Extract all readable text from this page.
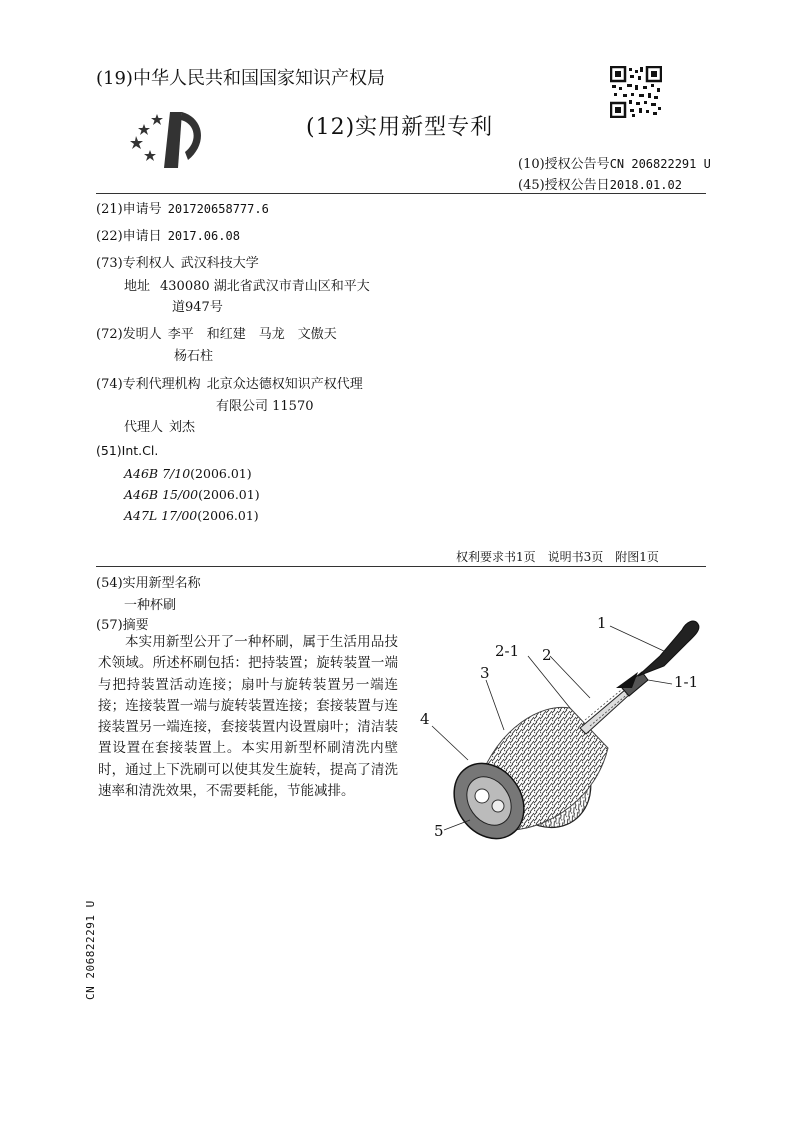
(19)中华人民共和国国家知识产权局
(12)实用新型专利
(10)授权公告号CN 206822291 U
(45)授权公告日2018.01.02
(21)申请号 201720658777.6
(22)申请日 2017.06.08
(73)专利权人 武汉科技大学
地址 430080 湖北省武汉市青山区和平大
道947号
(72)发明人 李平　和红建　马龙　文傲天
杨石柱
(74)专利代理机构 北京众达德权知识产权代理
有限公司 11570
代理人 刘杰
(51)Int.Cl.
A46B 7/10(2006.01)
A46B 15/00(2006.01)
A47L 17/00(2006.01)
权利要求书1页　说明书3页　附图1页
(54)实用新型名称
一种杯刷
(57)摘要
本实用新型公开了一种杯刷，属于生活用品技术领域。所述杯刷包括：把持装置；旋转装置一端与把持装置活动连接；扇叶与旋转装置另一端连接；连接装置一端与旋转装置连接；套接装置与连接装置另一端连接，套接装置内设置扇叶；清洁装置设置在套接装置上。本实用新型杯刷清洗内壁时，通过上下洗刷可以使其发生旋转，提高了清洗速率和清洗效果，不需要耗能，节能减排。
1
1-1
2
2-1
3
4
5
CN 206822291 U
